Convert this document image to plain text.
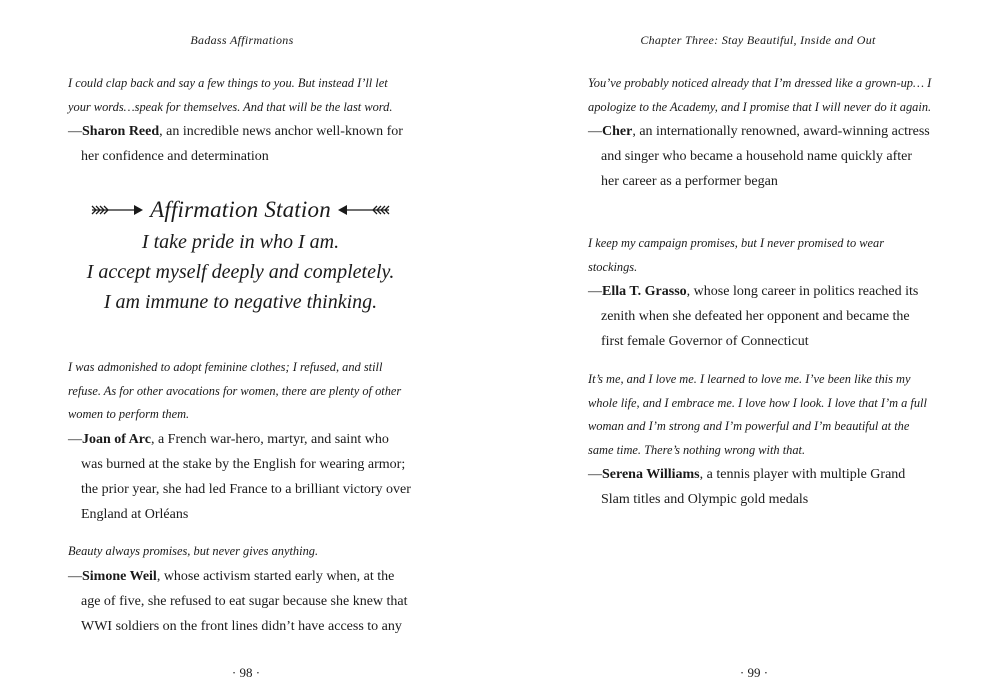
Badass Affirmations

I could clap back and say a few things to you. But instead I’ll let your words…speak for themselves. And that will be the last word.

—Sharon Reed, an incredible news anchor well-known for her confidence and determination

Affirmation Station
I take pride in who I am.
I accept myself deeply and completely.
I am immune to negative thinking.

I was admonished to adopt feminine clothes; I refused, and still refuse. As for other avocations for women, there are plenty of other women to perform them.

—Joan of Arc, a French war-hero, martyr, and saint who was burned at the stake by the English for wearing armor; the prior year, she had led France to a brilliant victory over England at Orléans

Beauty always promises, but never gives anything.

—Simone Weil, whose activism started early when, at the age of five, she refused to eat sugar because she knew that WWI soldiers on the front lines didn’t have access to any

· 98 ·
Chapter Three: Stay Beautiful, Inside and Out

You’ve probably noticed already that I’m dressed like a grown-up… I apologize to the Academy, and I promise that I will never do it again.

—Cher, an internationally renowned, award-winning actress and singer who became a household name quickly after her career as a performer began

I keep my campaign promises, but I never promised to wear stockings.

—Ella T. Grasso, whose long career in politics reached its zenith when she defeated her opponent and became the first female Governor of Connecticut

It’s me, and I love me. I learned to love me. I’ve been like this my whole life, and I embrace me. I love how I look. I love that I’m a full woman and I’m strong and I’m powerful and I’m beautiful at the same time. There’s nothing wrong with that.

—Serena Williams, a tennis player with multiple Grand Slam titles and Olympic gold medals

· 99 ·
